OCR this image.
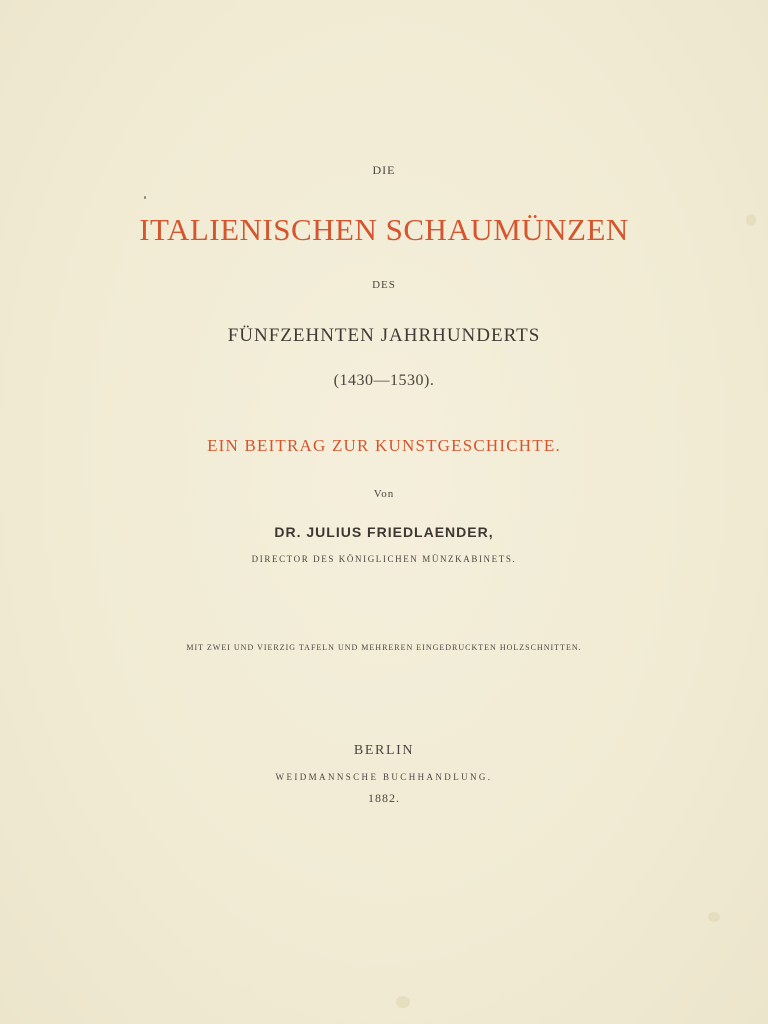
DIE
ITALIENISCHEN SCHAUMÜNZEN
DES
FÜNFZEHNTEN JAHRHUNDERTS
(1430—1530).
EIN BEITRAG ZUR KUNSTGESCHICHTE.
Von
DR. JULIUS FRIEDLAENDER,
DIRECTOR DES KÖNIGLICHEN MÜNZKABINETS.
MIT ZWEI UND VIERZIG TAFELN UND MEHREREN EINGEDRUCKTEN HOLZSCHNITTEN.
BERLIN
WEIDMANNSCHE BUCHHANDLUNG.
1882.
